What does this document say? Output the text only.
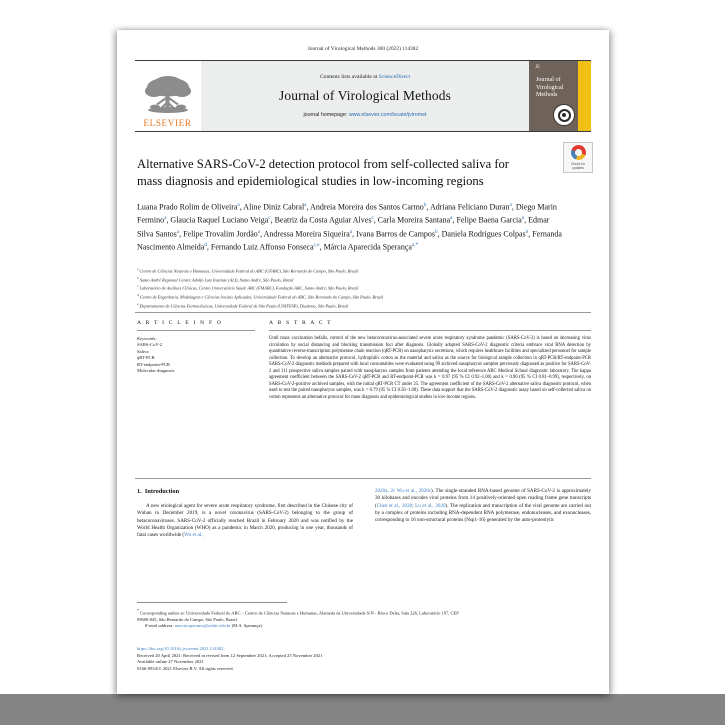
Journal of Virological Methods 300 (2022) 114382
ELSEVIER
Contents lists available at ScienceDirect
Journal of Virological Methods
journal homepage: www.elsevier.com/locate/jviromet
JE
Journal of Virological Methods
Check for
updates
Alternative SARS-CoV-2 detection protocol from self-collected saliva for mass diagnosis and epidemiological studies in low-incoming regions
Luana Prado Rolim de Oliveira$^a$, Aline Diniz Cabral$^a$, Andreia Moreira dos Santos Carmo$^b$, Adriana Feliciano Duran$^a$, Diego Marin Fermino$^a$, Glaucia Raquel Luciano Veiga$^c$, Beatriz da Costa Aguiar Alves$^c$, Carla Moreira Santana$^a$, Felipe Baena Garcia$^a$, Edmar Silva Santos$^a$, Felipe Trovalim Jordão$^a$, Andressa Moreira Siqueira$^a$, Ivana Barros de Campos$^b$, Daniela Rodrigues Colpas$^b$, Fernanda Nascimento Almeida$^d$, Fernando Luiz Affonso Fonseca$^{c,e}$, Márcia Aparecida Sperança$^{a,*}$
$^a$ Centro de Ciências Naturais e Humanas, Universidade Federal do ABC (UFABC), São Bernardo do Campo, São Paulo, Brazil
$^b$ Santo André Regional Center, Adolfo Lutz Institute (ALI), Santo André, São Paulo, Brazil
$^c$ Laboratório de Análises Clínicas, Centro Universitário Saúde ABC (FMABC), Fundação ABC, Santo André, São Paulo, Brazil
$^d$ Centro de Engenharia, Modelagem e Ciências Sociais Aplicadas, Universidade Federal do ABC, São Bernardo do Campo, São Paulo, Brazil
$^e$ Departamento de Ciências Farmacêuticas, Universidade Federal de São Paulo (UNIFESP), Diadema, São Paulo, Brazil
A R T I C L E I N F O
Keywords:
SARS-CoV-2
Saliva
qRT-PCR
RT-endpoint-PCR
Molecular diagnosis
A B S T R A C T
Until mass vaccination befalls, control of the new betacoronavirus-associated severe acute respiratory syndrome pandemic (SARS-CoV-2) is based on decreasing virus circulation by social distancing and blocking transmission foci after diagnosis. Globally adopted SARS-CoV-2 diagnostic criteria embrace viral RNA detection by quantitative reverse-transcription polymerase chain reaction (qRT-PCR) on nasopharynx secretions, which requires healthcare facilities and specialized personnel for sample collection. To develop an alternative protocol, hydrophilic cotton as the material and saliva as the source for biological sample collection in qRT-PCR/RT-endpoint-PCR SARS-CoV-2 diagnostic methods prepared with local consumables were evaluated using 99 archived nasopharynx samples previously diagnosed as positive for SARS-CoV-2 and 111 prospective saliva samples paired with nasopharynx samples from patients attending the local reference ABC Medical School diagnostic laboratory. The kappa agreement coefficient between the SARS-CoV-2 qRT-PCR and RT-endpoint-PCR was k = 0.97 (95 % CI 0.92–1.00) and k = 0.90 (95 % CI 0.81–0.99), respectively, on SARS-CoV-2-positive archived samples, with the initial qRT-PCR CT under 25. The agreement coefficient of the SARS-CoV-2 alternative saliva diagnostic protocol, when used to test the paired nasopharynx samples, was k = 0.79 (95 % CI 0.56–1.00). These data support that the SARS-CoV-2 diagnostic assay based on self-collected saliva on cotton represents an alternative protocol for mass diagnosis and epidemiological studies in low-income regions.
1. Introduction
A new etiological agent for severe acute respiratory syndrome, first described in the Chinese city of Wuhan in December 2019, is a novel coronavirus (SARS-CoV-2) belonging to the group of betacoronaviruses. SARS-CoV-2 officially reached Brazil in February 2020 and was notified by the World Health Organization (WHO) as a pandemic in March 2020, producing in one year, thousands of fatal cases worldwide (Wu et al.,
2020a, 2c Wu et al., 2020c). The single-stranded RNA-based genome of SARS-CoV-2 is approximately 30 kilobases and encodes viral proteins from 14 positively-oriented open reading frame gene transcripts (Chen et al., 2020; Lu et al., 2020). The replication and transcription of the viral genome are carried out by a complex of proteins including RNA-dependent RNA polymerase, endonucleases, and exonucleases, corresponding to 16 non-structural proteins (Nsp1-16) generated by the auto-proteolytic
* Corresponding author at: Universidade Federal do ABC – Centro de Ciências Naturais e Humanas, Alameda da Universidade S/N - Bloco Delta, Sala 226, Laboratório 107, CEP 09606-045, São Bernardo do Campo, São Paulo, Brazil.
E-mail address: marcia.speranca@ufabc.edu.br (M.A. Sperança).
https://doi.org/10.1016/j.jviromet.2021.114382
Received 20 April 2021; Received in revised form 12 September 2021; Accepted 25 November 2021
Available online 27 November 2021
0166-0934/© 2021 Elsevier B.V. All rights reserved.
